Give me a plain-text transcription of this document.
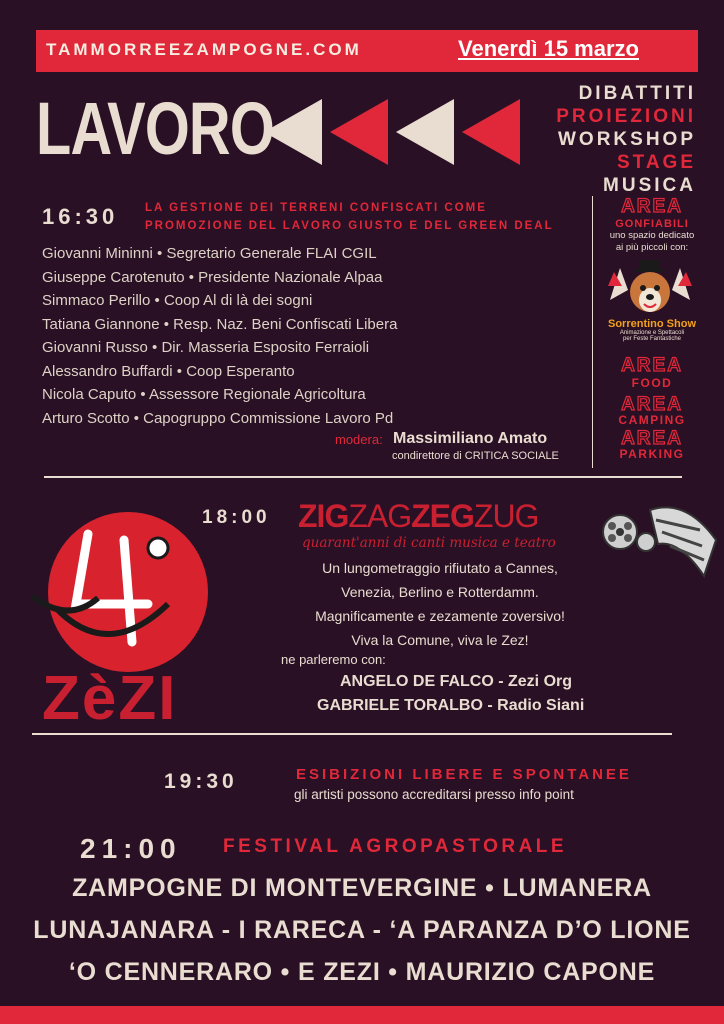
TAMMORREEZAMPOGNE.COM	Venerdì 15 marzo
LAVORO	DIBATTITI
PROIEZIONI
WORKSHOP
STAGE
MUSICA
16:30 LA GESTIONE DEI TERRENI CONFISCATI COME
PROMOZIONE DEL LAVORO GIUSTO E DEL GREEN DEAL
Giovanni Mininni • Segretario Generale FLAI CGIL
Giuseppe Carotenuto • Presidente Nazionale Alpaa
Simmaco Perillo • Coop Al di là dei sogni
Tatiana Giannone • Resp. Naz. Beni Confiscati Libera
Giovanni Russo • Dir. Masseria Esposito Ferraioli
Alessandro Buffardi • Coop Esperanto
Nicola Caputo • Assessore Regionale Agricoltura
Arturo Scotto • Capogruppo Commissione Lavoro Pd
modera: Massimiliano Amato
condirettore di CRITICA SOCIALE
AREA
GONFIABILI
uno spazio dedicato
ai più piccoli con:
Sorrentino Show
Animazione e Spettacoli
per Feste Fantastiche
AREA
FOOD
AREA
CAMPING
AREA
PARKING
ZèZI
18:00 ZIGZAGZEGZUG
quarant'anni di canti musica e teatro
Un lungometraggio rifiutato a Cannes,
Venezia, Berlino e Rotterdamm.
Magnificamente e zezamente zoversivo!
Viva la Comune, viva le Zez!
ne parleremo con:
ANGELO DE FALCO - Zezi Org
GABRIELE TORALBO - Radio Siani
19:30	ESIBIZIONI LIBERE E SPONTANEE
gli artisti possono accreditarsi presso info point
21:00 FESTIVAL AGROPASTORALE
ZAMPOGNE DI MONTEVERGINE • LUMANERA
LUNAJANARA - I RARECA - ‘A PARANZA D’O LIONE
‘O CENNERARO • E ZEZI • MAURIZIO CAPONE
